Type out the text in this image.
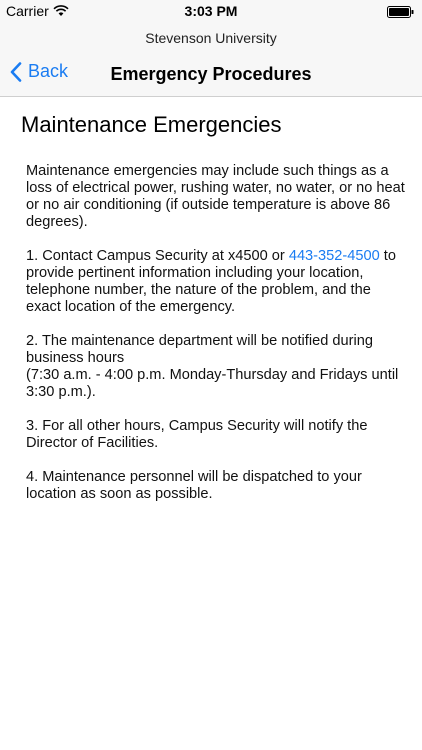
Carrier	3:03 PM
Stevenson University
Back	Emergency Procedures
Maintenance Emergencies

Maintenance emergencies may include such things as a loss of electrical power, rushing water, no water, or no heat or no air conditioning (if outside temperature is above 86 degrees).

1. Contact Campus Security at x4500 or 443-352-4500 to provide pertinent information including your location, telephone number, the nature of the problem, and the exact location of the emergency.

2. The maintenance department will be notified during business hours
(7:30 a.m. - 4:00 p.m. Monday-Thursday and Fridays until 3:30 p.m.).

3. For all other hours, Campus Security will notify the Director of Facilities.

4. Maintenance personnel will be dispatched to your location as soon as possible.
